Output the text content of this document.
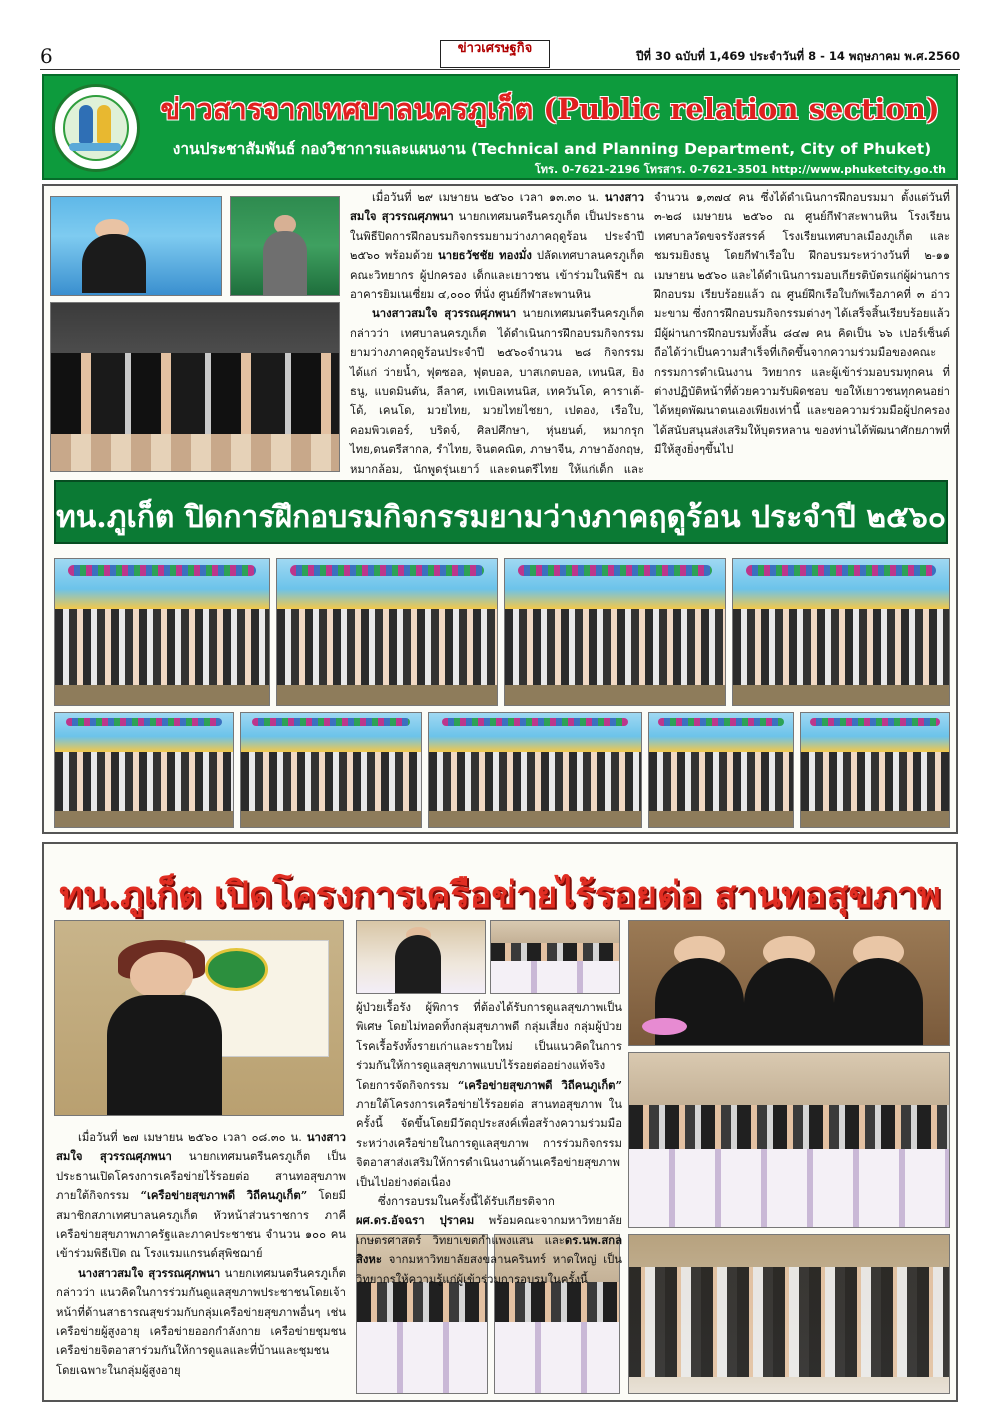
6	ข่าวเศรษฐกิจ	ปีที่ 30 ฉบับที่ 1,469 ประจำวันที่ 8 - 14 พฤษภาคม พ.ศ.2560
ข่าวสารจากเทศบาลนครภูเก็ต (Public relation section)
งานประชาสัมพันธ์ กองวิชาการและแผนงาน (Technical and Planning Department, City of Phuket)
โทร. 0-7621-2196 โทรสาร. 0-7621-3501 http://www.phuketcity.go.th

เมื่อวันที่ ๒๙ เมษายน ๒๕๖๐ เวลา ๑๓.๓๐ น. นางสาวสมใจ สุวรรณศุภพนา นายกเทศมนตรีนครภูเก็ต เป็นประธานในพิธีปิดการฝึกอบรมกิจกรรมยามว่างภาคฤดูร้อน ประจำปี ๒๕๖๐ พร้อมด้วย นายธวัชชัย ทองมั่ง ปลัดเทศบาลนครภูเก็ต คณะวิทยากร ผู้ปกครอง เด็กและเยาวชน เข้าร่วมในพิธีฯ ณ อาคารยิมเนเซี่ยม ๔,๐๐๐ ที่นั่ง ศูนย์กีฬาสะพานหิน

นางสาวสมใจ สุวรรณศุภพนา นายกเทศมนตรีนครภูเก็ต กล่าวว่า เทศบาลนครภูเก็ต ได้ดำเนินการฝึกอบรมกิจกรรมยามว่างภาคฤดูร้อนประจำปี ๒๕๖๐จำนวน ๒๘ กิจกรรม ได้แก่ ว่ายน้ำ, ฟุตซอล, ฟุตบอล, บาสเกตบอล, เทนนิส, ยิงธนู, แบดมินตัน, ลีลาศ, เทเบิลเทนนิส, เทควันโด, คาราเต้-โด้, เคนโด, มวยไทย, มวยไทยไชยา, เปตอง, เรือใบ, คอมพิวเตอร์, บริดจ์, ศิลปศึกษา, หุ่นยนต์, หมากรุกไทย,ดนตรีสากล, รำไทย, จินตคณิต, ภาษาจีน, ภาษาอังกฤษ, หมากล้อม, นักพูดรุ่นเยาว์ และดนตรีไทย ให้แก่เด็ก และ

จำนวน ๑,๓๗๔ คน ซึ่งได้ดำเนินการฝึกอบรมมา ตั้งแต่วันที่ ๓-๒๘ เมษายน ๒๕๖๐ ณ ศูนย์กีฬาสะพานหิน โรงเรียนเทศบาลวัดขจรรังสรรค์ โรงเรียนเทศบาลเมืองภูเก็ต และชมรมยิงธนู โดยกีฬาเรือใบ ฝึกอบรมระหว่างวันที่ ๒-๑๑ เมษายน ๒๕๖๐ และได้ดำเนินการมอบเกียรติบัตรแก่ผู้ผ่านการฝึกอบรม เรียบร้อยแล้ว ณ ศูนย์ฝึกเรือใบกัพเรือภาคที่ ๓ อ่าวมะขาม ซึ่งการฝึกอบรมกิจกรรมต่างๆ ได้เสร็จสิ้นเรียบร้อยแล้ว มีผู้ผ่านการฝึกอบรมทั้งสิ้น ๘๔๗ คน คิดเป็น ๖๖ เปอร์เซ็นต์ ถือได้ว่าเป็นความสำเร็จที่เกิดขึ้นจากความร่วมมือของคณะกรรมการดำเนินงาน วิทยากร และผู้เข้าร่วมอบรมทุกคน ที่ต่างปฏิบัติหน้าที่ด้วยความรับผิดชอบ ขอให้เยาวชนทุกคนอย่าได้หยุดพัฒนาตนเองเพียงเท่านี้ และขอความร่วมมือผู้ปกครองได้สนับสนุนส่งเสริมให้บุตรหลาน ของท่านได้พัฒนาศักยภาพที่มีให้สูงยิ่งๆขึ้นไป

ทน.ภูเก็ต ปิดการฝึกอบรมกิจกรรมยามว่างภาคฤดูร้อน ประจำปี ๒๕๖๐
ทน.ภูเก็ต เปิดโครงการเครือข่ายไร้รอยต่อ สานทอสุขภาพ

เมื่อวันที่ ๒๗ เมษายน ๒๕๖๐ เวลา ๐๘.๓๐ น. นางสาวสมใจ สุวรรณศุภพนา นายกเทศมนตรีนครภูเก็ต เป็นประธานเปิดโครงการเครือข่ายไร้รอยต่อ สานทอสุขภาพ ภายใต้กิจกรรม “เครือข่ายสุขภาพดี วิถีคนภูเก็ต” โดยมีสมาชิกสภาเทศบาลนครภูเก็ต หัวหน้าส่วนราชการ ภาคีเครือข่ายสุขภาพภาครัฐและภาคประชาชน จำนวน ๑๐๐ คน เข้าร่วมพิธีเปิด ณ โรงแรมแกรนด์สุพิชฌาย์

นางสาวสมใจ สุวรรณศุภพนา นายกเทศมนตรีนครภูเก็ต กล่าวว่า แนวคิดในการร่วมกันดูแลสุขภาพประชาชนโดยเจ้าหน้าที่ด้านสาธารณสุขร่วมกับกลุ่มเครือข่ายสุขภาพอื่นๆ เช่น เครือข่ายผู้สูงอายุ เครือข่ายออกกำลังกาย เครือข่ายชุมชน เครือข่ายจิตอาสาร่วมกันให้การดูแลและที่บ้านและชุมชน โดยเฉพาะในกลุ่มผู้สูงอายุ

ผู้ป่วยเรื้อรัง ผู้พิการ ที่ต้องได้รับการดูแลสุขภาพเป็นพิเศษ โดยไม่ทอดทิ้งกลุ่มสุขภาพดี กลุ่มเสี่ยง กลุ่มผู้ป่วยโรคเรื้อรังทั้งรายเก่าและรายใหม่ เป็นแนวคิดในการร่วมกันให้การดูแลสุขภาพแบบไร้รอยต่ออย่างแท้จริง โดยการจัดกิจกรรม “เครือข่ายสุขภาพดี วิถีคนภูเก็ต” ภายใต้โครงการเครือข่ายไร้รอยต่อ สานทอสุขภาพ ในครั้งนี้ จัดขึ้นโดยมีวัตถุประสงค์เพื่อสร้างความร่วมมือระหว่างเครือข่ายในการดูแลสุขภาพ การร่วมกิจกรรมจิตอาสาส่งเสริมให้การดำเนินงานด้านเครือข่ายสุขภาพเป็นไปอย่างต่อเนื่อง

ซึ่งการอบรมในครั้งนี้ได้รับเกียรติจาก ผศ.ดร.อัจฉรา ปุราคม พร้อมคณะจากมหาวิทยาลัยเกษตรศาสตร์ วิทยาเขตกำแพงแสน และดร.นพ.สกล สิงหะ จากมหาวิทยาลัยสงขลานครินทร์ หาดใหญ่ เป็นวิทยากรให้ความรู้แก่ผู้เข้าร่วมการอบรมในครั้งนี้
